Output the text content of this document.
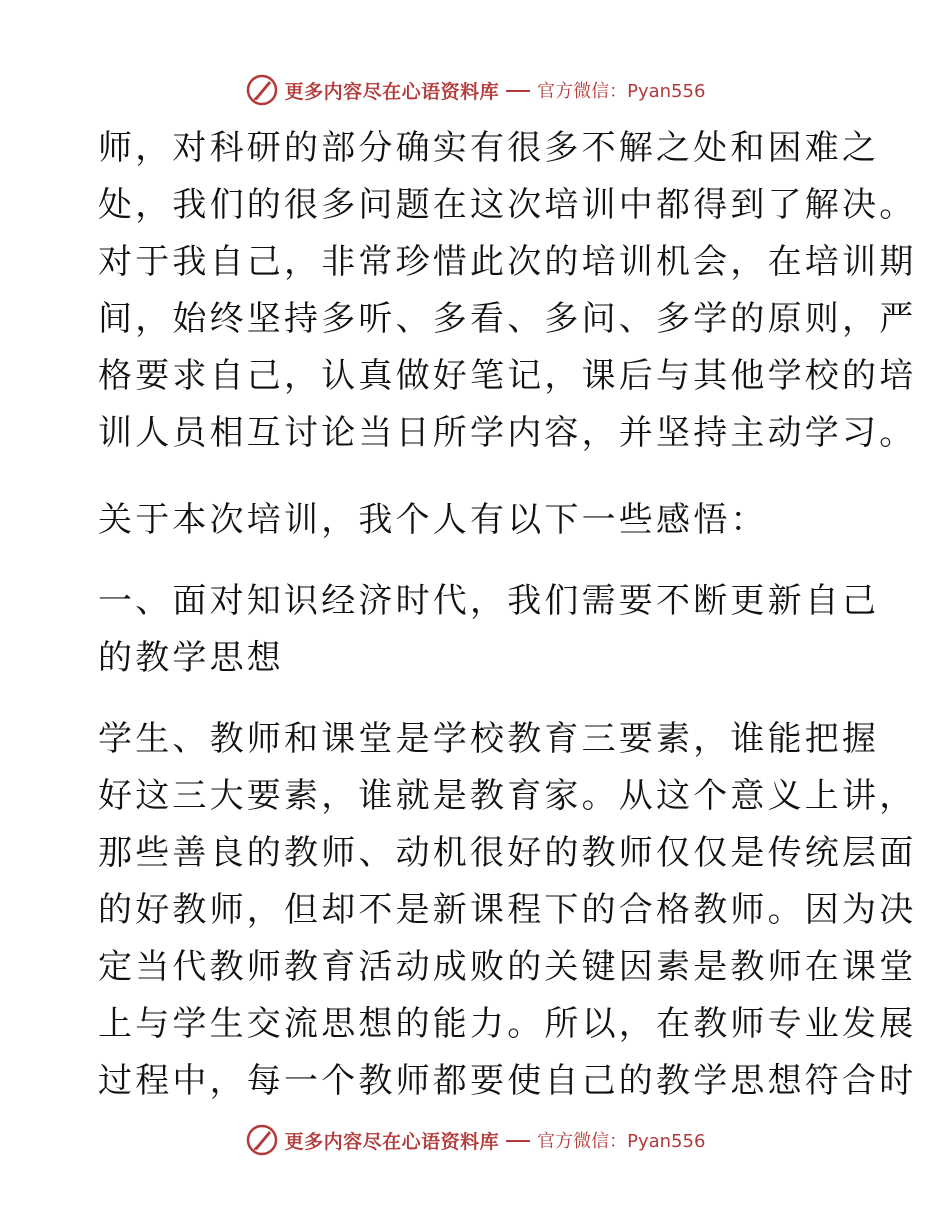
更多内容尽在心语资料库 官方微信：Pyan556
师，对科研的部分确实有很多不解之处和困难之
处，我们的很多问题在这次培训中都得到了解决。
对于我自己，非常珍惜此次的培训机会，在培训期
间，始终坚持多听、多看、多问、多学的原则，严
格要求自己，认真做好笔记，课后与其他学校的培
训人员相互讨论当日所学内容，并坚持主动学习。
关于本次培训，我个人有以下一些感悟：
一、面对知识经济时代，我们需要不断更新自己
的教学思想
学生、教师和课堂是学校教育三要素，谁能把握
好这三大要素，谁就是教育家。从这个意义上讲，
那些善良的教师、动机很好的教师仅仅是传统层面
的好教师，但却不是新课程下的合格教师。因为决
定当代教师教育活动成败的关键因素是教师在课堂
上与学生交流思想的能力。所以，在教师专业发展
过程中，每一个教师都要使自己的教学思想符合时
更多内容尽在心语资料库 官方微信：Pyan556
